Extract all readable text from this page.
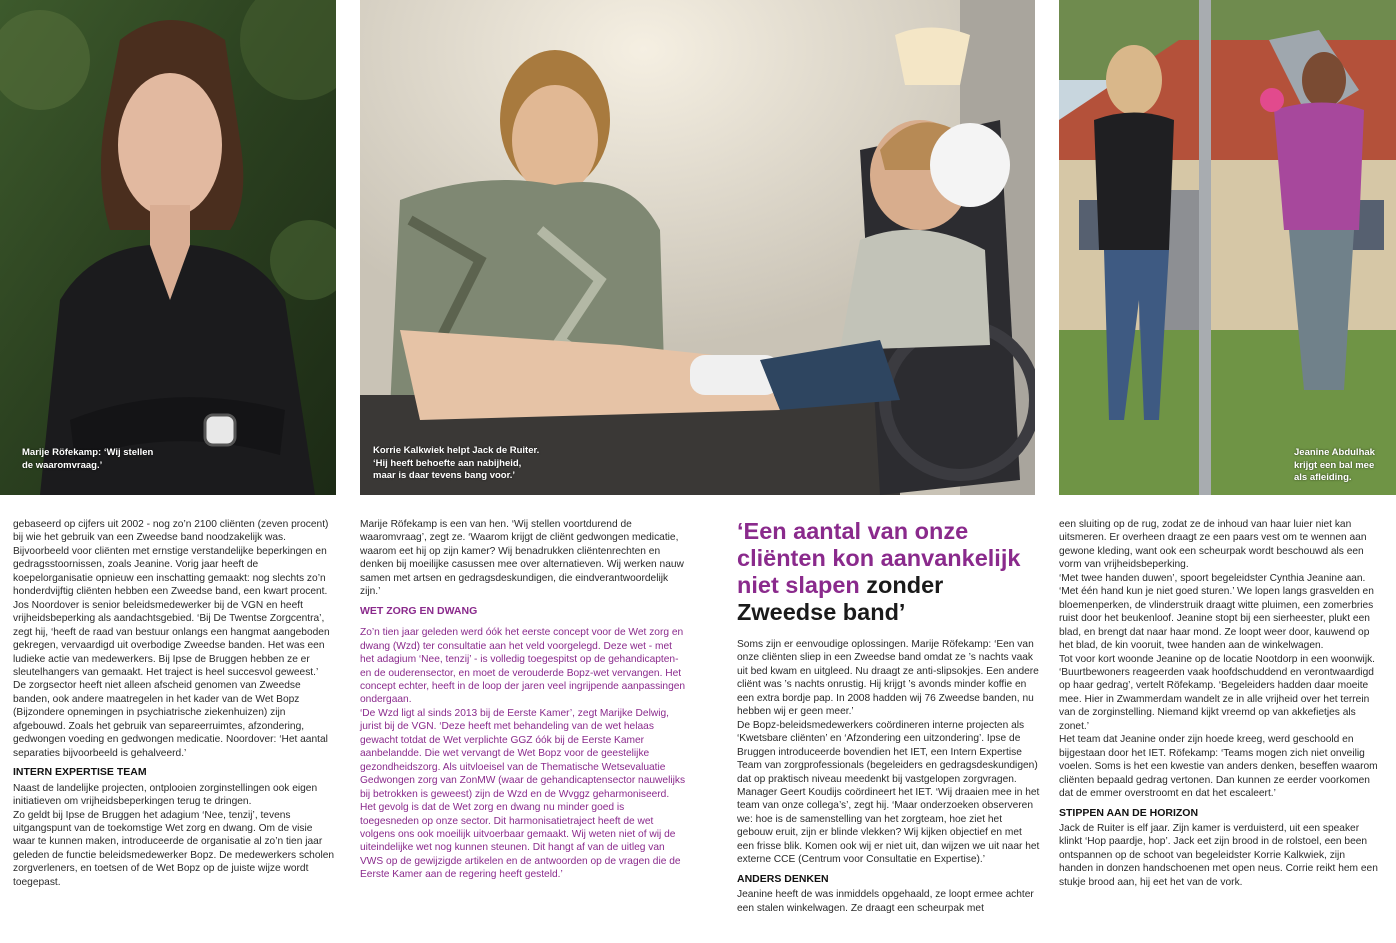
Marije Röfekamp: ‘Wij stellen
de waaromvraag.’
Korrie Kalkwiek helpt Jack de Ruiter.
‘Hij heeft behoefte aan nabijheid,
maar is daar tevens bang voor.’
Jeanine Abdulhak
krijgt een bal mee
als afleiding.

gebaseerd op cijfers uit 2002 - nog zo’n 2100 cliënten (zeven procent) bij wie het gebruik van een Zweedse band noodzakelijk was. Bijvoorbeeld voor cliënten met ernstige verstandelijke beperkingen en gedragsstoornissen, zoals Jeanine. Vorig jaar heeft de koepelorganisatie opnieuw een inschatting gemaakt: nog slechts zo’n honderdvijftig cliënten hebben een Zweedse band, een kwart procent.

Jos Noordover is senior beleidsmedewerker bij de VGN en heeft vrijheidsbeperking als aandachtsgebied. ‘Bij De Twentse Zorgcentra’, zegt hij, ‘heeft de raad van bestuur onlangs een hangmat aangeboden gekregen, vervaardigd uit overbodige Zweedse banden. Het was een ludieke actie van medewerkers. Bij Ipse de Bruggen hebben ze er sleutelhangers van gemaakt. Het traject is heel succesvol geweest.’

De zorgsector heeft niet alleen afscheid genomen van Zweedse banden, ook andere maatregelen in het kader van de Wet Bopz (Bijzondere opnemingen in psychiatrische ziekenhuizen) zijn afgebouwd. Zoals het gebruik van separeerruimtes, afzondering, gedwongen voeding en gedwongen medicatie. Noordover: ‘Het aantal separaties bijvoorbeeld is gehalveerd.’

INTERN EXPERTISE TEAM

Naast de landelijke projecten, ontplooien zorginstellingen ook eigen initiatieven om vrijheidsbeperkingen terug te dringen.

Zo geldt bij Ipse de Bruggen het adagium ‘Nee, tenzij’, tevens uitgangspunt van de toekomstige Wet zorg en dwang. Om de visie waar te kunnen maken, introduceerde de organisatie al zo’n tien jaar geleden de functie beleidsmedewerker Bopz. De medewerkers scholen zorgverleners, en toetsen of de Wet Bopz op de juiste wijze wordt toegepast.

Marije Röfekamp is een van hen. ‘Wij stellen voortdurend de waaromvraag’, zegt ze. ‘Waarom krijgt de cliënt gedwongen medicatie, waarom eet hij op zijn kamer? Wij benadrukken cliëntenrechten en denken bij moeilijke casussen mee over alternatieven. Wij werken nauw samen met artsen en gedragsdeskundigen, die eindverantwoordelijk zijn.’

WET ZORG EN DWANG

Zo’n tien jaar geleden werd óók het eerste concept voor de Wet zorg en dwang (Wzd) ter consultatie aan het veld voorgelegd. Deze wet - met het adagium ‘Nee, tenzij’ - is volledig toegespitst op de gehandicapten- en de ouderensector, en moet de verouderde Bopz-wet vervangen. Het concept echter, heeft in de loop der jaren veel ingrijpende aanpassingen ondergaan.

‘De Wzd ligt al sinds 2013 bij de Eerste Kamer’, zegt Marijke Delwig, jurist bij de VGN. ‘Deze heeft met behandeling van de wet helaas gewacht totdat de Wet verplichte GGZ óók bij de Eerste Kamer aanbelandde. Die wet vervangt de Wet Bopz voor de geestelijke gezondheidszorg. Als uitvloeisel van de Thematische Wetsevaluatie Gedwongen zorg van ZonMW (waar de gehandicaptensector nauwelijks bij betrokken is geweest) zijn de Wzd en de Wvggz geharmoniseerd. Het gevolg is dat de Wet zorg en dwang nu minder goed is toegesneden op onze sector. Dit harmonisatietraject heeft de wet volgens ons ook moeilijk uitvoerbaar gemaakt. Wij weten niet of wij de uiteindelijke wet nog kunnen steunen. Dit hangt af van de uitleg van VWS op de gewijzigde artikelen en de antwoorden op de vragen die de Eerste Kamer aan de regering heeft gesteld.’

‘Een aantal van onze cliënten kon aanvankelijk niet slapen zonder Zweedse band’

Soms zijn er eenvoudige oplossingen. Marije Röfekamp: ‘Een van onze cliënten sliep in een Zweedse band omdat ze ’s nachts vaak uit bed kwam en uitgleed. Nu draagt ze anti-slipsokjes. Een andere cliënt was ’s nachts onrustig. Hij krijgt ’s avonds minder koffie en een extra bordje pap. In 2008 hadden wij 76 Zweedse banden, nu hebben wij er geen meer.’

De Bopz-beleidsmedewerkers coördineren interne projecten als ‘Kwetsbare cliënten’ en ‘Afzondering een uitzondering’. Ipse de Bruggen introduceerde bovendien het IET, een Intern Expertise Team van zorgprofessionals (begeleiders en gedragsdeskundigen) dat op praktisch niveau meedenkt bij vastgelopen zorgvragen. Manager Geert Koudijs coördineert het IET. ‘Wij draaien mee in het team van onze collega’s’, zegt hij. ‘Maar onderzoeken observeren we: hoe is de samenstelling van het zorgteam, hoe ziet het gebouw eruit, zijn er blinde vlekken? Wij kijken objectief en met een frisse blik. Komen ook wij er niet uit, dan wijzen we uit naar het externe CCE (Centrum voor Consultatie en Expertise).’

ANDERS DENKEN

Jeanine heeft de was inmiddels opgehaald, ze loopt ermee achter een stalen winkelwagen. Ze draagt een scheurpak met

een sluiting op de rug, zodat ze de inhoud van haar luier niet kan uitsmeren. Er overheen draagt ze een paars vest om te wennen aan gewone kleding, want ook een scheurpak wordt beschouwd als een vorm van vrijheidsbeperking.

‘Met twee handen duwen’, spoort begeleidster Cynthia Jeanine aan. ‘Met één hand kun je niet goed sturen.’ We lopen langs grasvelden en bloemenperken, de vlinderstruik draagt witte pluimen, een zomerbries ruist door het beukenloof. Jeanine stopt bij een sierheester, plukt een blad, en brengt dat naar haar mond. Ze loopt weer door, kauwend op het blad, de kin vooruit, twee handen aan de winkelwagen.

Tot voor kort woonde Jeanine op de locatie Nootdorp in een woonwijk. ‘Buurtbewoners reageerden vaak hoofdschuddend en verontwaardigd op haar gedrag’, vertelt Röfekamp. ‘Begeleiders hadden daar moeite mee. Hier in Zwammerdam wandelt ze in alle vrijheid over het terrein van de zorginstelling. Niemand kijkt vreemd op van akkefietjes als zonet.’

Het team dat Jeanine onder zijn hoede kreeg, werd geschoold en bijgestaan door het IET. Röfekamp: ‘Teams mogen zich niet onveilig voelen. Soms is het een kwestie van anders denken, beseffen waarom cliënten bepaald gedrag vertonen. Dan kunnen ze eerder voorkomen dat de emmer overstroomt en dat het escaleert.’

STIPPEN AAN DE HORIZON

Jack de Ruiter is elf jaar. Zijn kamer is verduisterd, uit een speaker klinkt ‘Hop paardje, hop’. Jack eet zijn brood in de rolstoel, een been ontspannen op de schoot van begeleidster Korrie Kalkwiek, zijn handen in donzen handschoenen met open neus. Corrie reikt hem een stukje brood aan, hij eet het van de vork.
